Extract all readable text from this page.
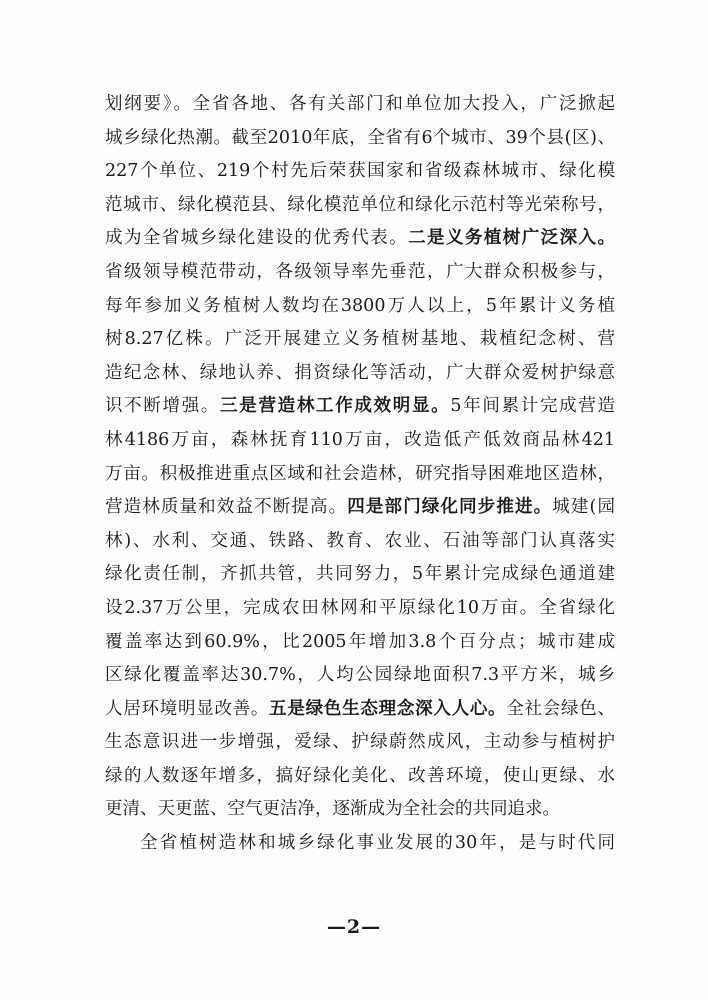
划纲要》。全省各地、各有关部门和单位加大投入，广泛掀起
城乡绿化热潮。截至2010年底，全省有6个城市、39个县(区)、
227个单位、219个村先后荣获国家和省级森林城市、绿化模
范城市、绿化模范县、绿化模范单位和绿化示范村等光荣称号，
成为全省城乡绿化建设的优秀代表。二是义务植树广泛深入。
省级领导模范带动，各级领导率先垂范，广大群众积极参与，
每年参加义务植树人数均在3800万人以上，5年累计义务植
树8.27亿株。广泛开展建立义务植树基地、栽植纪念树、营
造纪念林、绿地认养、捐资绿化等活动，广大群众爱树护绿意
识不断增强。三是营造林工作成效明显。5年间累计完成营造
林4186万亩，森林抚育110万亩，改造低产低效商品林421
万亩。积极推进重点区域和社会造林，研究指导困难地区造林，
营造林质量和效益不断提高。四是部门绿化同步推进。城建(园
林)、水利、交通、铁路、教育、农业、石油等部门认真落实
绿化责任制，齐抓共管，共同努力，5年累计完成绿色通道建
设2.37万公里，完成农田林网和平原绿化10万亩。全省绿化
覆盖率达到60.9%，比2005年增加3.8个百分点；城市建成
区绿化覆盖率达30.7%，人均公园绿地面积7.3平方米，城乡
人居环境明显改善。五是绿色生态理念深入人心。全社会绿色、
生态意识进一步增强，爱绿、护绿蔚然成风，主动参与植树护
绿的人数逐年增多，搞好绿化美化、改善环境，使山更绿、水
更清、天更蓝、空气更洁净，逐渐成为全社会的共同追求。
全省植树造林和城乡绿化事业发展的30年，是与时代同
—2—
